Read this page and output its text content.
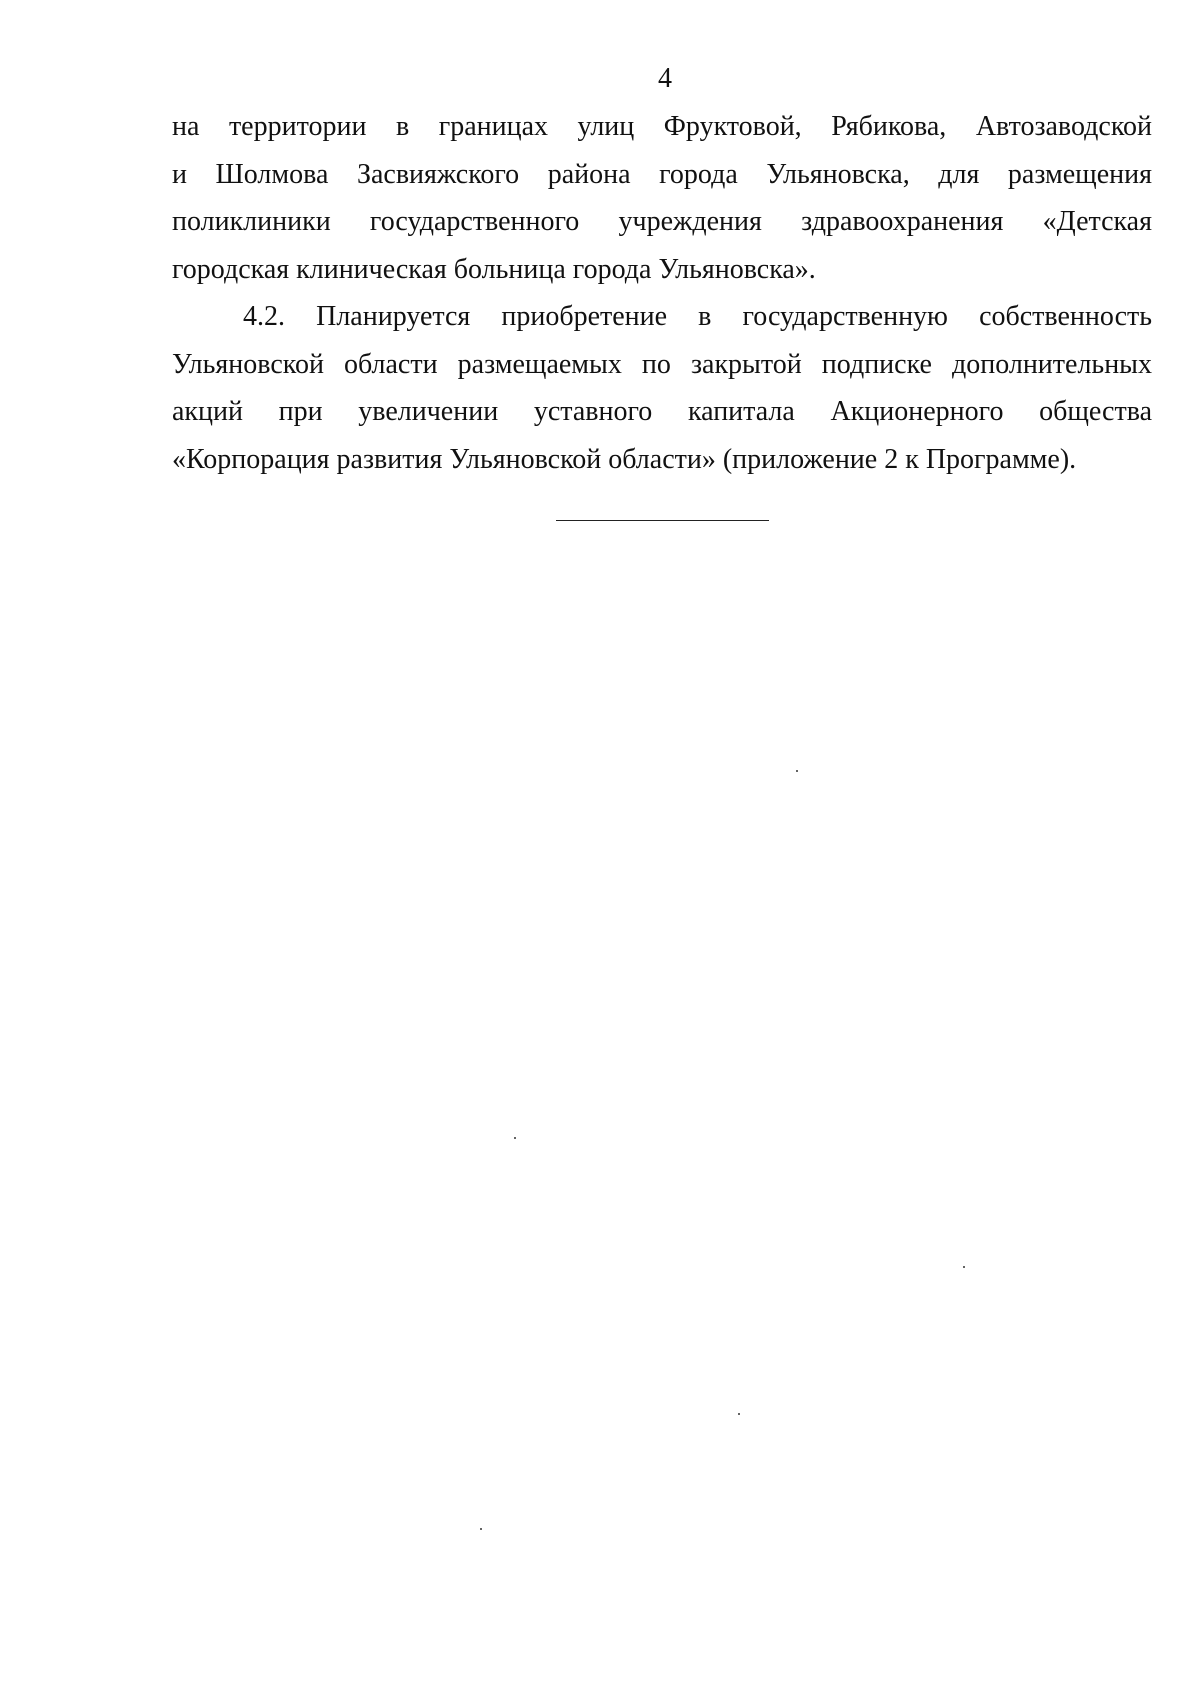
4
на территории в границах улиц Фруктовой, Рябикова, Автозаводской
и Шолмова Засвияжского района города Ульяновска, для размещения
поликлиники государственного учреждения здравоохранения «Детская
городская клиническая больница города Ульяновска».
4.2. Планируется приобретение в государственную собственность
Ульяновской области размещаемых по закрытой подписке дополнительных
акций при увеличении уставного капитала Акционерного общества
«Корпорация развития Ульяновской области» (приложение 2 к Программе).
